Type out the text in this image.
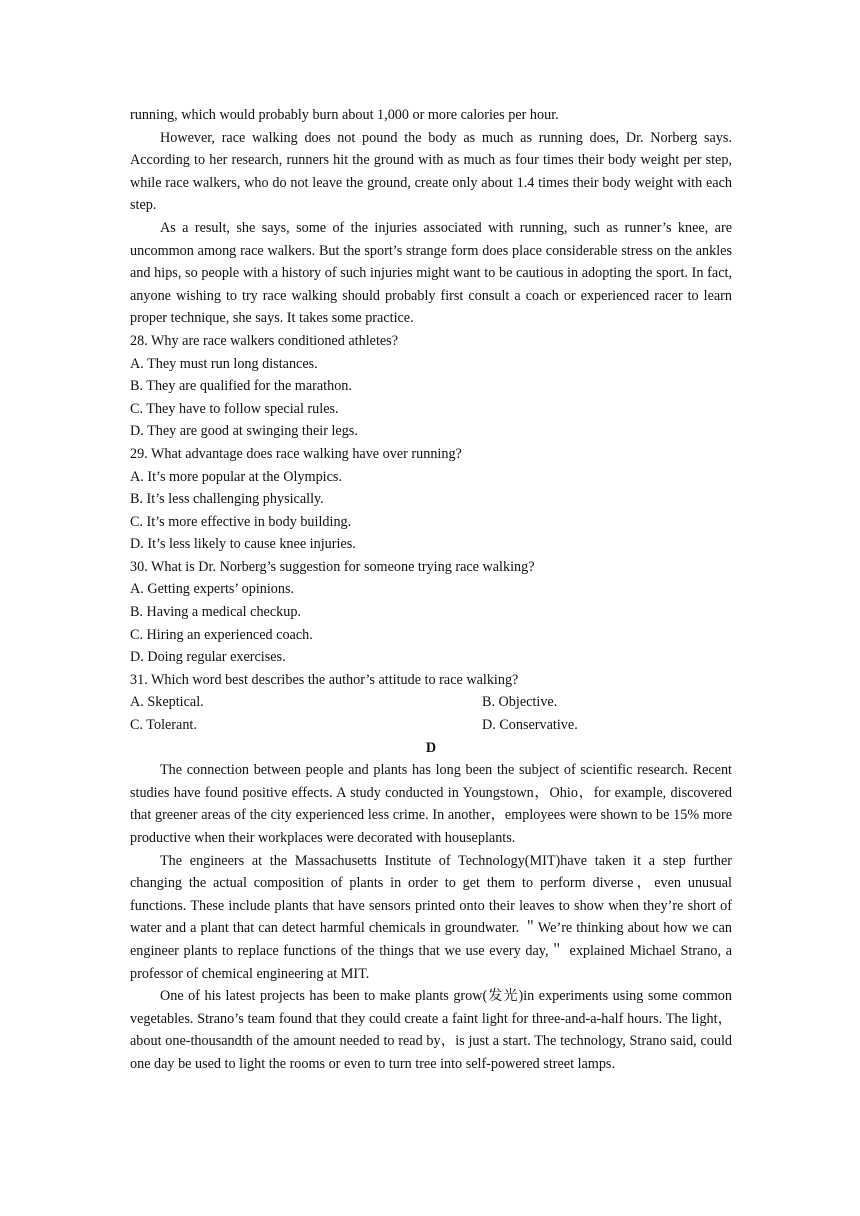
running, which would probably burn about 1,000 or more calories per hour.

However, race walking does not pound the body as much as running does, Dr. Norberg says. According to her research, runners hit the ground with as much as four times their body weight per step, while race walkers, who do not leave the ground, create only about 1.4 times their body weight with each step.

As a result, she says, some of the injuries associated with running, such as runner’s knee, are uncommon among race walkers. But the sport’s strange form does place considerable stress on the ankles and hips, so people with a history of such injuries might want to be cautious in adopting the sport. In fact, anyone wishing to try race walking should probably first consult a coach or experienced racer to learn proper technique, she says. It takes some practice.

28. Why are race walkers conditioned athletes?

A. They must run long distances.

B. They are qualified for the marathon.

C. They have to follow special rules.

D. They are good at swinging their legs.

29. What advantage does race walking have over running?

A. It’s more popular at the Olympics.

B. It’s less challenging physically.

C. It’s more effective in body building.

D. It’s less likely to cause knee injuries.

30. What is Dr. Norberg’s suggestion for someone trying race walking?

A. Getting experts’ opinions.

B. Having a medical checkup.

C. Hiring an experienced coach.

D. Doing regular exercises.

31. Which word best describes the author’s attitude to race walking?

A. Skeptical.	B. Objective.
C. Tolerant.	D. Conservative.

D

The connection between people and plants has long been the subject of scientific research. Recent studies have found positive effects. A study conducted in Youngstown，Ohio，for example, discovered that greener areas of the city experienced less crime. In another，employees were shown to be 15% more productive when their workplaces were decorated with houseplants.

The engineers at the Massachusetts Institute of Technology(MIT)have taken it a step further changing the actual composition of plants in order to get them to perform diverse，even unusual functions. These include plants that have sensors printed onto their leaves to show when they’re short of water and a plant that can detect harmful chemicals in groundwater. ＂We’re thinking about how we can engineer plants to replace functions of the things that we use every day,＂ explained Michael Strano, a professor of chemical engineering at MIT.

One of his latest projects has been to make plants grow(发光)in experiments using some common vegetables. Strano’s team found that they could create a faint light for three-and-a-half hours. The light，about one-thousandth of the amount needed to read by，is just a start. The technology, Strano said, could one day be used to light the rooms or even to turn tree into self-powered street lamps.
